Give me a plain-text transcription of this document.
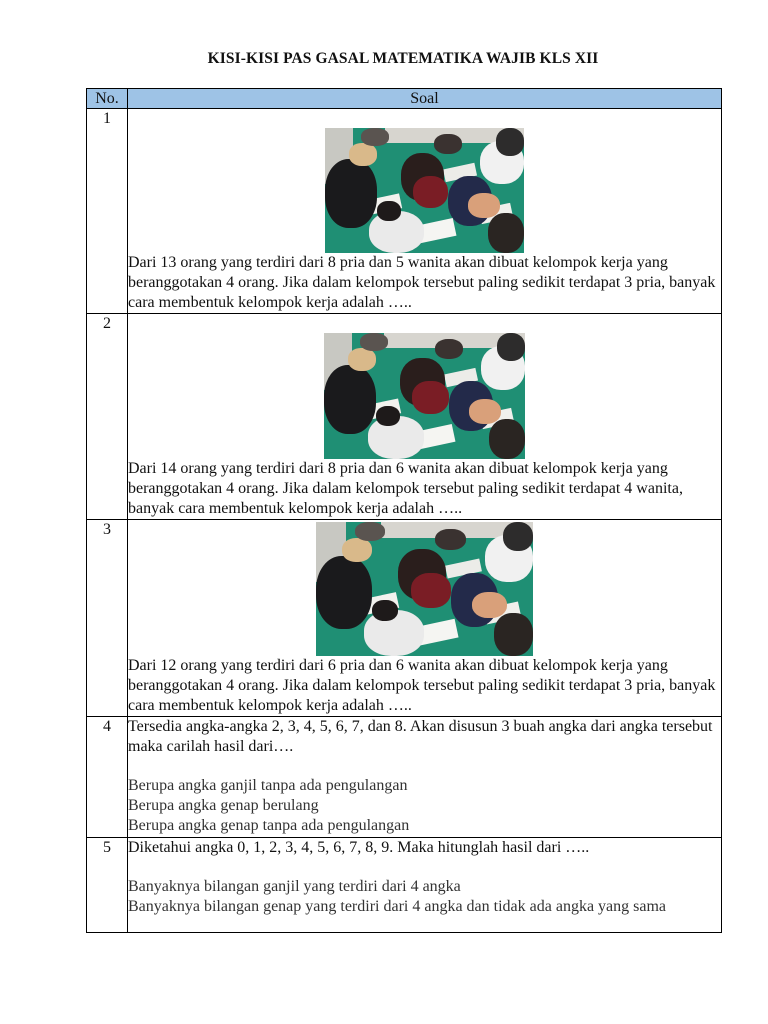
KISI-KISI PAS GASAL MATEMATIKA WAJIB KLS XII
No.	Soal
1	Dari 13 orang yang terdiri dari 8 pria dan 5 wanita akan dibuat kelompok kerja yang beranggotakan 4 orang. Jika dalam kelompok tersebut paling sedikit terdapat 3 pria, banyak cara membentuk kelompok kerja adalah …..

2	Dari 14 orang yang terdiri dari 8 pria dan 6 wanita akan dibuat kelompok kerja yang beranggotakan 4 orang. Jika dalam kelompok tersebut paling sedikit terdapat 4 wanita, banyak cara membentuk kelompok kerja adalah …..

3	Dari 12 orang yang terdiri dari 6 pria dan 6 wanita akan dibuat kelompok kerja yang beranggotakan 4 orang. Jika dalam kelompok tersebut paling sedikit terdapat 3 pria, banyak cara membentuk kelompok kerja adalah …..

4	Tersedia angka-angka 2, 3, 4, 5, 6, 7, dan 8. Akan disusun 3 buah angka dari angka tersebut maka carilah hasil dari….
Berupa angka ganjil tanpa ada pengulangan
Berupa angka genap berulang
Berupa angka genap tanpa ada pengulangan

5	Diketahui angka 0, 1, 2, 3, 4, 5, 6, 7, 8, 9. Maka hitunglah hasil dari …..
Banyaknya bilangan ganjil yang terdiri dari 4 angka
Banyaknya bilangan genap yang terdiri dari 4 angka dan tidak ada angka yang sama
